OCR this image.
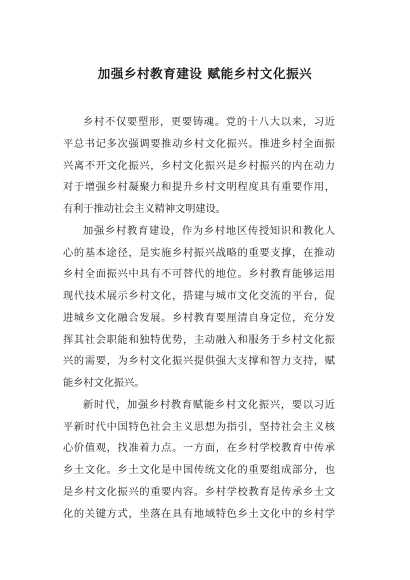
加强乡村教育建设 赋能乡村文化振兴
乡村不仅要塑形，更要铸魂。党的十八大以来，习近
平总书记多次强调要推动乡村文化振兴。推进乡村全面振
兴离不开文化振兴，乡村文化振兴是乡村振兴的内在动力
对于增强乡村凝聚力和提升乡村文明程度具有重要作用，
有利于推动社会主义精神文明建设。
加强乡村教育建设，作为乡村地区传授知识和教化人
心的基本途径，是实施乡村振兴战略的重要支撑，在推动
乡村全面振兴中具有不可替代的地位。乡村教育能够运用
现代技术展示乡村文化，搭建与城市文化交流的平台，促
进城乡文化融合发展。乡村教育要厘清自身定位，充分发
挥其社会职能和独特优势，主动融入和服务于乡村文化振
兴的需要，为乡村文化振兴提供强大支撑和智力支持，赋
能乡村文化振兴。
新时代，加强乡村教育赋能乡村文化振兴，要以习近
平新时代中国特色社会主义思想为指引，坚持社会主义核
心价值观，找准着力点。一方面，在乡村学校教育中传承
乡土文化。乡土文化是中国传统文化的重要组成部分，也
是乡村文化振兴的重要内容。乡村学校教育是传承乡土文
化的关键方式，坐落在具有地域特色乡土文化中的乡村学
